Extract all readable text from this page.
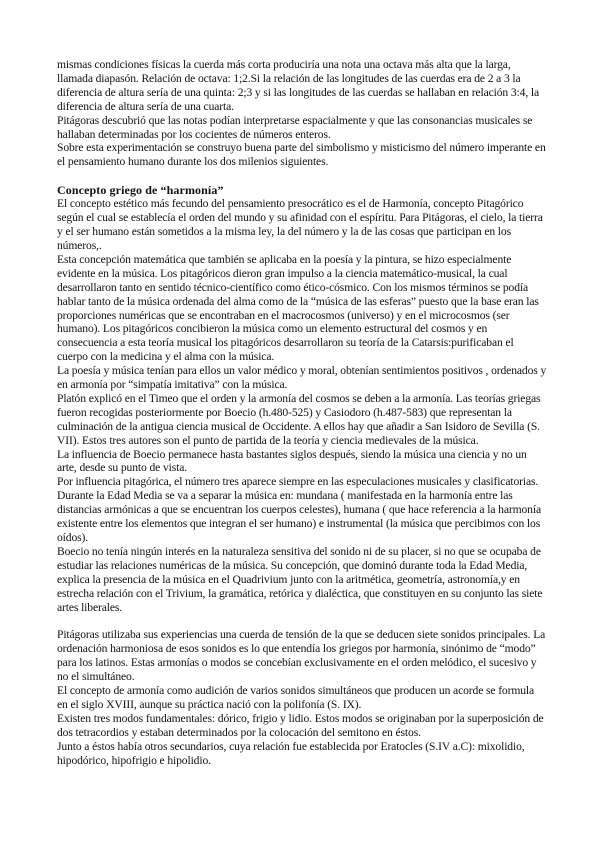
mismas condiciones físicas la cuerda más corta produciría una nota una octava más alta que la larga, llamada diapasón. Relación de octava: 1;2.Si la relación de las longitudes de las cuerdas era de 2 a 3 la diferencia de altura sería de una quinta: 2;3 y si las longitudes de las cuerdas se hallaban en relación 3:4, la diferencia de altura sería de una cuarta.

Pitágoras descubrió que las notas podían interpretarse espacialmente y que las consonancias musicales se hallaban determinadas por los cocientes de números enteros.

Sobre esta experimentación se construyo buena parte del simbolismo y misticismo del número imperante en el pensamiento humano durante los dos milenios siguientes.

Concepto griego de “harmonía”

El concepto estético más fecundo del pensamiento presocrático es el de Harmonía, concepto Pitagórico según el cual se establecía el orden del mundo y su afinidad con el espíritu. Para Pitágoras, el cielo, la tierra y el ser humano están sometidos a la misma ley, la del número y la de las cosas que participan en los números,.

Esta concepción matemática que también se aplicaba en la poesía y la pintura, se hizo especialmente evidente en la música. Los pitagóricos dieron gran impulso a la ciencia matemático-musical, la cual desarrollaron tanto en sentido técnico-científico como ético-cósmico. Con los mismos términos se podía hablar tanto de la música ordenada del alma como de la “música de las esferas” puesto que la base eran las proporciones numéricas que se encontraban en el macrocosmos (universo) y en el microcosmos (ser humano). Los pitagóricos concibieron la música como un elemento estructural del cosmos y en consecuencia a esta teoría musical los pitagóricos desarrollaron su teoría de la Catarsis:purificaban el cuerpo con la medicina y el alma con la música.

La poesía y música tenían para ellos un valor médico y moral, obtenían sentimientos positivos , ordenados y en armonía por “simpatía imitativa” con la música.

Platón explicó en el Timeo que el orden y la armonía del cosmos se deben a la armonía. Las teorías griegas fueron recogidas posteriormente por Boecio (h.480-525) y Casiodoro (h.487-583) que representan la culminación de la antigua ciencia musical de Occidente. A ellos hay que añadir a San Isidoro de Sevilla (S. VII). Estos tres autores son el punto de partida de la teoría y ciencia medievales de la música.

La influencia de Boecio permanece hasta bastantes siglos después, siendo la música una ciencia y no un arte, desde su punto de vista.

Por influencia pitagórica, el número tres aparece siempre en las especulaciones musicales y clasificatorias. Durante la Edad Media se va a separar la música en: mundana ( manifestada en la harmonía entre las distancias armónicas a que se encuentran los cuerpos celestes), humana ( que hace referencia a la harmonía existente entre los elementos que integran el ser humano) e instrumental (la música que percibimos con los oídos).

Boecio no tenía ningún interés en la naturaleza sensitiva del sonido ni de su placer, si no que se ocupaba de estudiar las relaciones numéricas de la música. Su concepción, que dominó durante toda la Edad Media, explica la presencia de la música en el Quadrivium junto con la aritmética, geometría, astronomía,y en estrecha relación con el Trivium, la gramática, retórica y dialéctica, que constituyen en su conjunto las siete artes liberales.

Pitágoras utilizaba sus experiencias una cuerda de tensión de la que se deducen siete sonidos principales. La ordenación harmoniosa de esos sonidos es lo que entendía los griegos por harmonía, sinónimo de “modo” para los latinos. Estas armonías o modos se concebían exclusivamente en el orden melódico, el sucesivo y no el simultáneo.

El concepto de armonía como audición de varios sonidos simultáneos que producen un acorde se formula en el siglo XVIII, aunque su práctica nació con la polifonía (S. IX).

Existen tres modos fundamentales: dórico, frigio y lidio. Estos modos se originaban por la superposición de dos tetracordios y estaban determinados por la colocación del semitono en éstos.

Junto a éstos había otros secundarios, cuya relación fue establecida por Eratocles (S.IV a.C): mixolidio, hipodórico, hipofrigio e hipolidio.
